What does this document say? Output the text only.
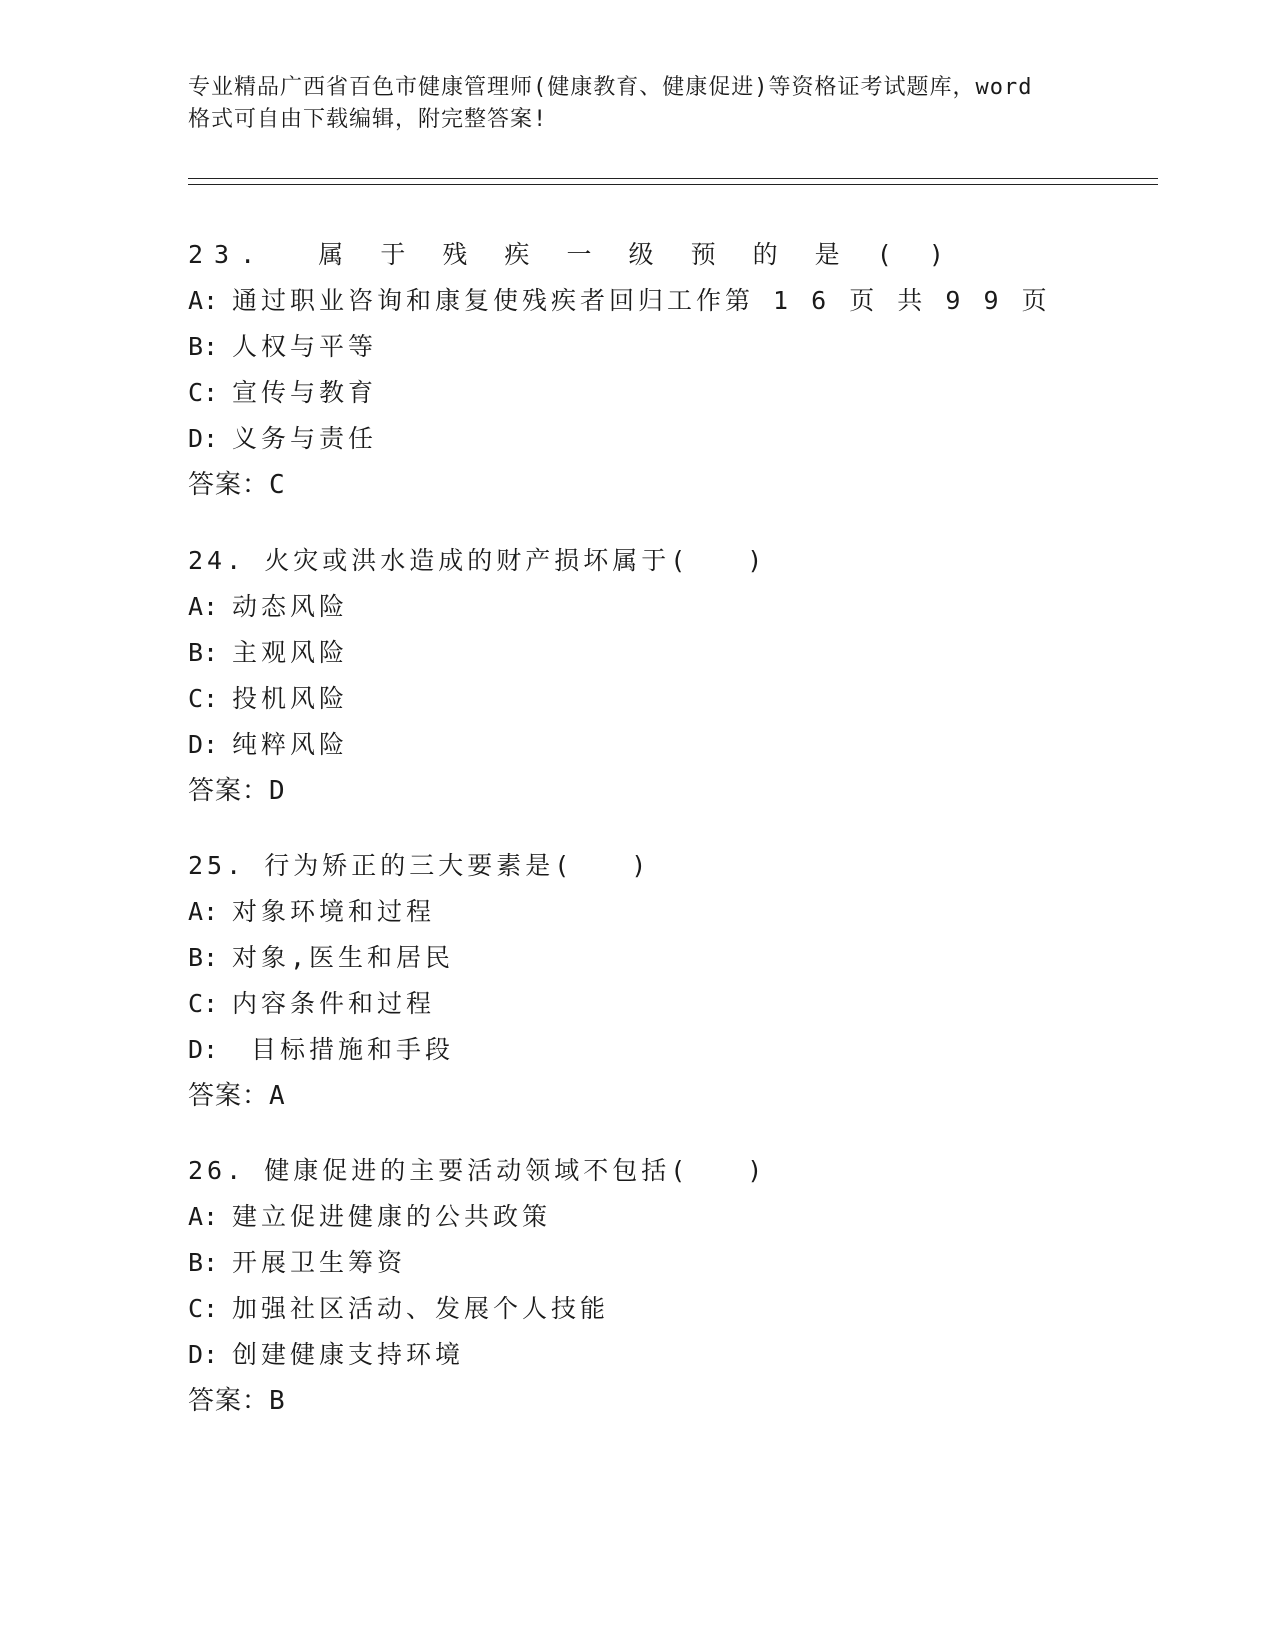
专业精品广西省百色市健康管理师(健康教育、健康促进)等资格证考试题库，word
格式可自由下载编辑，附完整答案!
23. 属 于 残 疾 一 级 预 的 是 ( )
A: 通过职业咨询和康复使残疾者回归工作第 1 6 页 共 9 9 页
B: 人权与平等
C: 宣传与教育
D: 义务与责任
答案：C
24. 火灾或洪水造成的财产损坏属于(　　)
A: 动态风险
B: 主观风险
C: 投机风险
D: 纯粹风险
答案：D
25. 行为矫正的三大要素是(　　)
A: 对象环境和过程
B: 对象,医生和居民
C: 内容条件和过程
D: 目标措施和手段
答案：A
26. 健康促进的主要活动领域不包括(　　)
A: 建立促进健康的公共政策
B: 开展卫生筹资
C: 加强社区活动、发展个人技能
D: 创建健康支持环境
答案：B
